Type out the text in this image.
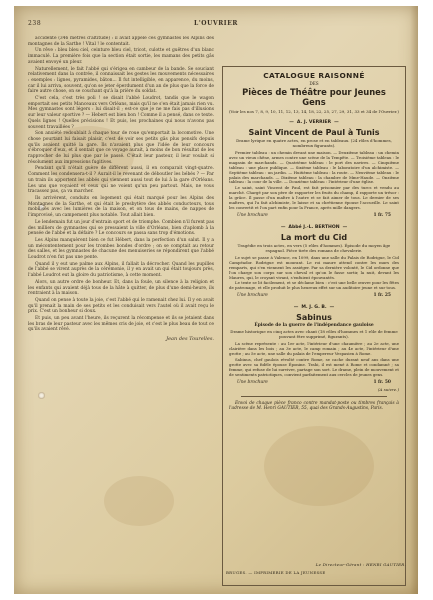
238	L'OUVRIER

accidenté (346 mètres d'altitude) : il avait appelé ces gymnastes les Alpins des montagnes de la Sarthe ! Vital ! le contentait.

Un rêve : bleu bleu ciel, ceinture bleu ciel, tricot, culotte et guêtres d'un blanc immaculé. La première fois que la section était sortie, les mamans des petits gâs avaient envoyé un pleur.

Naturellement, le fait l'abbé qui s'érigea en cambeur de la bande. Se souciant relativement dans la contrée, il connaissait les gestes les mouvements nécessaires : exemples : lignes, pyramides, bâton... Il fut intelligible, en apparence, du moins, car il lui arriva, souvent, qu'on se jeter éperdument d'un an de plus que la force de faire autre chose, on se couchant qu'à la prière du soldat.

C'est cela, c'est très poli ! se disait l'abbé Loudrot, tandis que le wagon emportait ses petits Manceaux vers Orléans, mais qu'il ne s'en était jamais rien vu. Mes gymnastes sont légers : lui disait-il ; est-ce que je ne me fais pas d'illusions sur leur valeur sportive ? — Hebert est bien bon ! Comme il a pensé, dans ce texte. Quels lignes ! Quelles précisions ! Et puis, les prochaines qui nous n'avons pas souvent travaillées ?

Son anxiété redoublait à chaque tour de roue qu'emportait la locomotive. Une chose pourtant lui faisait plaisir, c'est de voir ses petits gâs plus pensifs depuis qu'ils avaient quitté la gare. Ils n'avaient plus que l'idée de leur concours s'ébroquer d'eux, et il sentait que ce voyage aurait, à moins de bon résultat de les rapprocher de lui plus que par le passé. C'était leur pasteur, il leur voulait si résolument aux impressions fugitives.

Pendant qu'il n'était guère de différent aussi, il en comparait vingt-quatre. Comment les condensera-t-il ? Aurait-il le revenant de déboutler les bébés ? — Par un train ils apportent les abbés qui viennent aussi tout de lui à la gare d'Orléans. Les uns que voyaient et ceux qui ne voient qu'un peu partout. Mais, ne vous tracassez pas, ça va marcher.

Ils arrivèrent, conduits en logement qui était marqué pour les Alpins des Montagnes de la Sarthe, et qui était le presbytère des abbés conducteurs, tous mobilisés avec les lumières de la maison, et on tous de mains, de nappes de l'improvisé, un campement plus notable. Tout allait bien.

Le lendemain fut un jour d'entrain sport et de triomphe. Combien n'il furent pas des milliers de gymnastes qui se pressaient la ville d'Orléans, bien d'aplomb à la pensée de l'abbé et la défaire ? Le concours se passa sans trop d'émotions.

Les Alpins manquèrent bien ce fut Hébert, dans la perfection d'un salut. Il y a un mécontentement pour les trombes bondes d'ordre ; on se comptait au retour des salles, et les gymnastes de chacune des menuiseries se répondirent que l'abbé Loudrot n'en fut pas une pente.

Quand il y eut une palme aux Alpins, il fallait la décrocher. Quand les pupilles de l'abbé se virent auprès de la cérémonie, il y en avait un qui était toujours près, l'abbé Loudrot eut la gloire du patriotisme, à cette moment.

Alors, un autre ordre de bonheur. Et, dans la foule, un silence à la religion et les enfants qui avaient déjà tous de la hâte à quitter, de plus d'une demi-heure, ils rentraient à la maison.

Quand on pense à toute la joie, c'est l'abbé qui le ramenait chez lui. Il y en avait qu'il prenait la main de ses petits et les conduisait vers l'autel où il avait reçu le prix. C'est un bonheur si doux.

Et puis, un peu avant l'heure, ils reçurent la récompense et ils se jetaient dans les bras de leur pasteur avec les mêmes cris de joie, et c'est le plus beau de tout ce qu'ils avaient rêvé.

Jean des Tourelles.
CATALOGUE RAISONNÉ
DES
Pièces de Théâtre pour Jeunes Gens
(Voir les nos 7, 8, 9, 10, 11, 12, 13, 14, 18, 22, 25, 27, 29, 31, 33 et 34 de l'Ouvrier.)
— A. J. VERRIER —
Saint Vincent de Paul à Tunis
Drame lyrique en quatre actes, en prose et en tableaux. (24 rôles d'hommes, nombreux figurants).

Premier tableau : un chemin devant une maison. — Deuxième tableau : un chemin avec un vieux chêne, armes contre une scène de la Tempête. — Troisième tableau : le magasin de marchands. — Quatrième tableau : le port des navires. — Cinquième tableau : une place publique. — Sixième tableau : le laboratoire d'un alchimiste. — Septième tableau : un jardin. — Huitième tableau : la route. — Neuvième tableau : le palais des marchands. — Dixième tableau : la chambre de Mme-Haude. — Onzième tableau : la cour de la ville. — Douzième tableau : l'intérieur d'une église.

Le saint, saint Vincent de Paul, est fait prisonnier par des turcs et vendu au marché. Chargé par son père de rapporter les fruits du champ, il rapporte un trésor : la grâce. Il passe d'un maître à l'autre et se fait aimer de tous. Le dernier de ses maîtres, qui l'a fait alchimiste, le laisse et sa chrétienne épouse l'accueille. Le saint les convertit et l'on part enfin pour la France, après mille dangers.

Une brochure	1 fr. 75
— Abbé J.-L. BERTHON —
La mort du Cid
Tragédie en trois actes, en vers (5 rôles d'hommes). Épisode du moyen âge espagnol. Pièce tirée des romans de chevalerie.

Le sujet se passe à Valence, en 1099, dans une salle du Palais de Rodrigue, le Cid Campéador. Rodrigue est mourant. Le roi maure attend contre les murs des remparts, qui s'en viennent les assiéger. Par sa dernière volonté, le Cid ordonne que l'on charge son corps sur son cheval et qu'on le fasse sortir, la nuit, devant les Maures, qui, le croyant vivant, s'enfuient épouvantés.

Le texte se lit facilement, et se déclame bien : c'est une belle œuvre pour les fêtes de patronage, et elle produit le plus heureux effet sur un auditoire jeune et sur tous.

Une brochure	1 fr. 25
— M. J. G. B. —
Sabinus
Épisode de la guerre de l'indépendance gauloise
Drame historique en cinq actes avec chant (18 rôles d'hommes et 1 rôle de femme pouvant être supprimé, figurants).

La scène représente : au 1er acte, l'intérieur d'une chaumière ; au 2e acte, une clairière dans les bois ; au 3e acte, le camp romain ; au 4e acte, l'intérieur d'une grotte ; au 5e acte, une salle du palais de l'empereur Vespasien à Rome.

Sabinus, chef gaulois révolté contre Rome, se cache durant neuf ans dans une grotte avec sa fidèle épouse Éponine. Trahi, il est mené à Rome et condamné ; sa femme, qui refuse de lui survivre, partage son sort. Le drame, plein de mouvement et de sentiments patriotiques, convient parfaitement aux cercles de jeunes gens.

Une brochure	1 fr. 50
(A suivre.)
Envoi de chaque pièce franco contre mandat-poste ou timbres français à l'adresse de M. Henri GAUTIER, 55, quai des Grands-Augustins, Paris.
Le Directeur-Gérant : HENRI GAUTIER.
BRUGES. — IMPRIMERIE DE LA JEUNESSE
